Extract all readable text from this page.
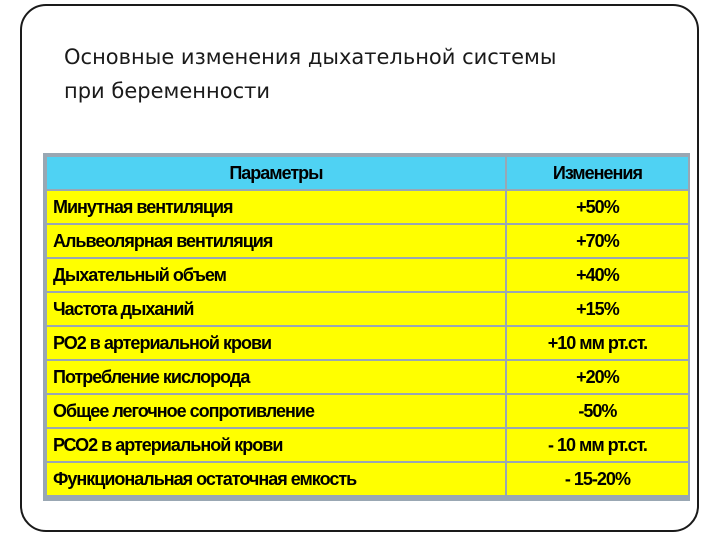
Основные изменения дыхательной системы
при беременности
Параметры	Изменения
Минутная вентиляция	+50%
Альвеолярная вентиляция	+70%
Дыхательный объем	+40%
Частота дыханий	+15%
РО2 в артериальной крови	+10 мм рт.ст.
Потребление кислорода	+20%
Общее легочное сопротивление	-50%
РСО2 в артериальной крови	- 10 мм рт.ст.
Функциональная остаточная емкость	- 15-20%
